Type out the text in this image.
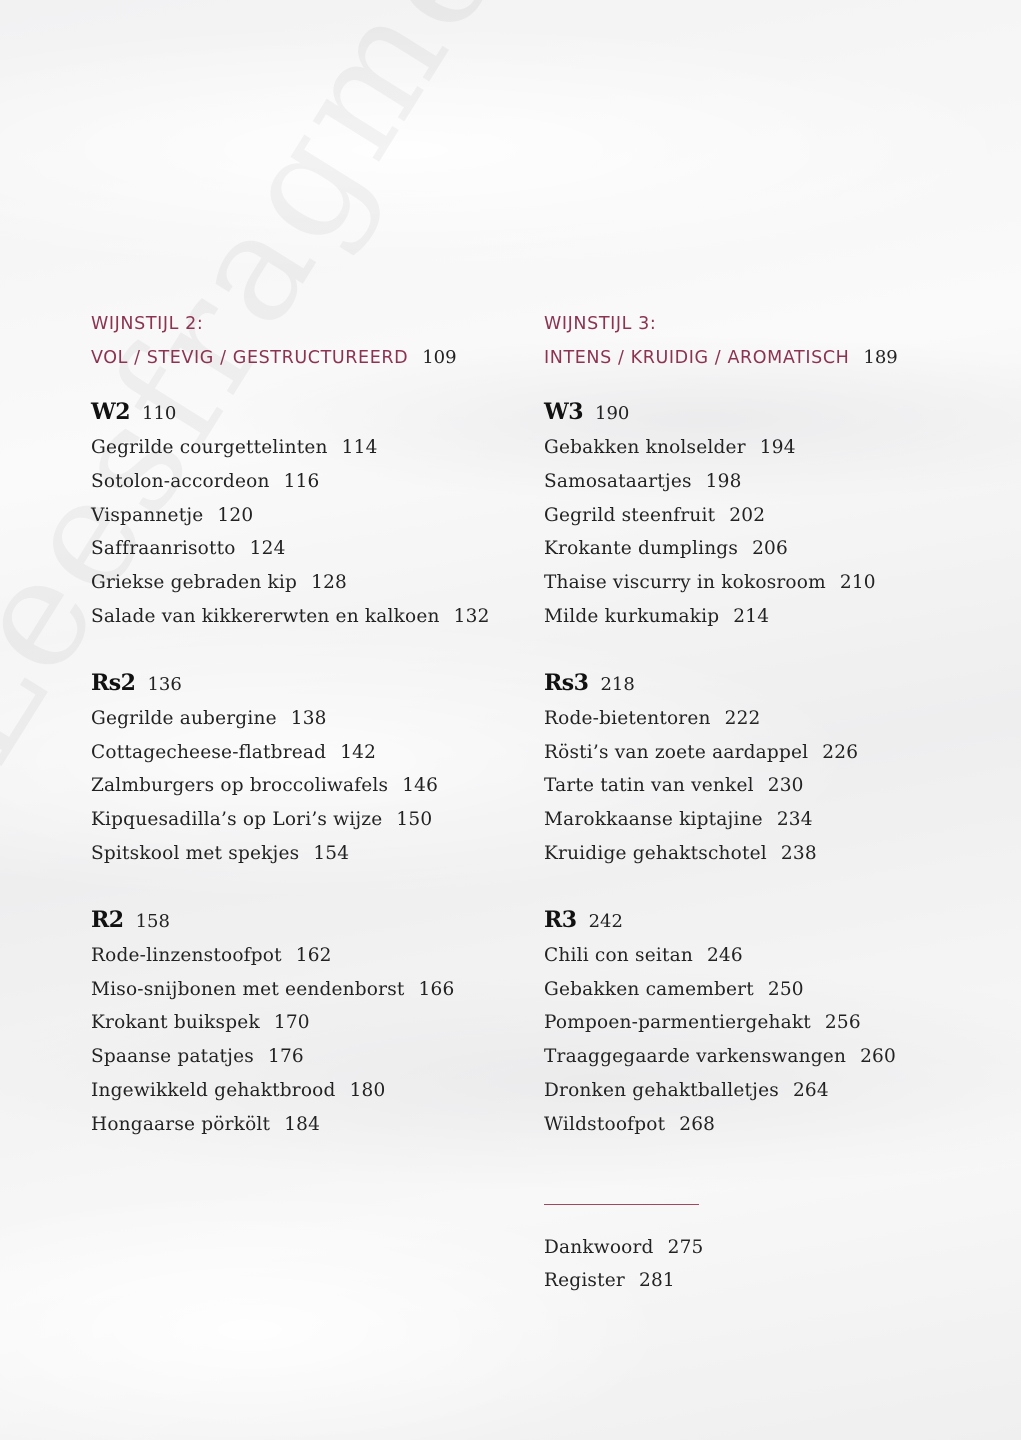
WIJNSTIJL 2:
VOL / STEVIG / GESTRUCTUREERD 109
W2 110
Gegrilde courgettelinten 114
Sotolon-accordeon 116
Vispannetje 120
Saffraanrisotto 124
Griekse gebraden kip 128
Salade van kikkererwten en kalkoen 132
Rs2 136
Gegrilde aubergine 138
Cottagecheese-flatbread 142
Zalmburgers op broccoliwafels 146
Kipquesadilla’s op Lori’s wijze 150
Spitskool met spekjes 154
R2 158
Rode-linzenstoofpot 162
Miso-snijbonen met eendenborst 166
Krokant buikspek 170
Spaanse patatjes 176
Ingewikkeld gehaktbrood 180
Hongaarse pörkölt 184
WIJNSTIJL 3:
INTENS / KRUIDIG / AROMATISCH 189
W3 190
Gebakken knolselder 194
Samosataartjes 198
Gegrild steenfruit 202
Krokante dumplings 206
Thaise viscurry in kokosroom 210
Milde kurkumakip 214
Rs3 218
Rode-bietentoren 222
Rösti’s van zoete aardappel 226
Tarte tatin van venkel 230
Marokkaanse kiptajine 234
Kruidige gehaktschotel 238
R3 242
Chili con seitan 246
Gebakken camembert 250
Pompoen-parmentiergehakt 256
Traaggegaarde varkenswangen 260
Dronken gehaktballetjes 264
Wildstoofpot 268
Dankwoord 275
Register 281
